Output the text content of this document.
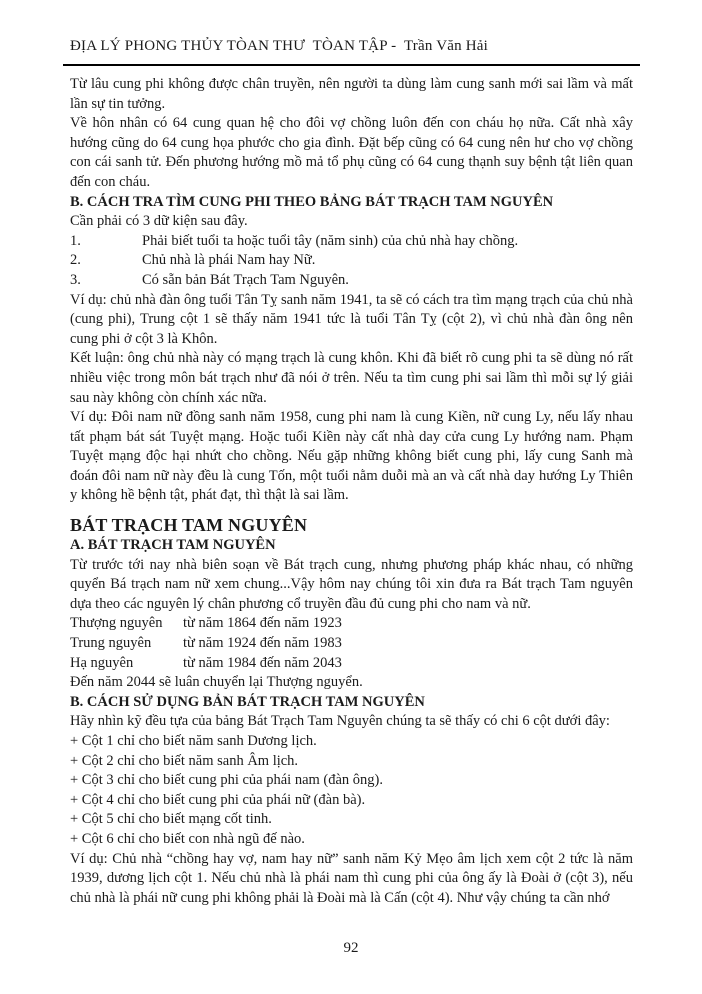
ĐỊA LÝ PHONG THỦY TÒAN THƯ  TÒAN TẬP -  Trần Văn Hải

Từ lâu cung phi không được chân truyền, nên người ta dùng làm cung sanh mới sai lầm và mất lần sự tin tưởng.

Về hôn nhân có 64 cung quan hệ cho đôi vợ chồng luôn đến con cháu họ nữa. Cất nhà xây hướng cũng do 64 cung họa phước cho gia đình. Đặt bếp cũng có 64 cung nên hư cho vợ chồng con cái sanh tử. Đến phương hướng mồ mả tổ phụ cũng có 64 cung thạnh suy bệnh tật liên quan đến con cháu.

B. CÁCH TRA TÌM CUNG PHI THEO BẢNG BÁT TRẠCH TAM NGUYÊN

Cần phải có 3 dữ kiện sau đây.

1.	Phải biết tuổi ta hoặc tuổi tây (năm sinh) của chủ nhà hay chồng.
2.	Chủ nhà là phái Nam hay Nữ.
3.	Có sẵn bản Bát Trạch Tam Nguyên.

Ví dụ: chủ nhà đàn ông tuổi Tân Tỵ sanh năm 1941, ta sẽ có cách tra tìm mạng trạch của chủ nhà (cung phi), Trung cột 1 sẽ thấy năm 1941 tức là tuổi Tân Tỵ (cột 2), vì chủ nhà đàn ông nên cung phi ở cột 3 là Khôn.

Kết luận: ông chủ nhà này có mạng trạch là cung khôn. Khi đã biết rõ cung phi ta sẽ dùng nó rất nhiều việc trong môn bát trạch như đã nói ở trên. Nếu ta tìm cung phi sai lầm thì mỗi sự lý giải sau này không còn chính xác nữa.

Ví dụ: Đôi nam nữ đồng sanh năm 1958, cung phi nam là cung Kiền, nữ cung Ly, nếu lấy nhau tất phạm bát sát Tuyệt mạng. Hoặc tuổi Kiền này cất nhà day cửa cung Ly hướng nam. Phạm Tuyệt mạng độc hại nhứt cho chồng. Nếu gặp những không biết cung phi, lấy cung Sanh mà đoán đôi nam nữ này đều là cung Tốn, một tuổi nằm duỗi mà an và cất nhà day hướng Ly Thiên y không hề bệnh tật, phát đạt, thì thật là sai lầm.

BÁT TRẠCH TAM NGUYÊN

A. BÁT TRẠCH TAM NGUYÊN

Từ trước tới nay nhà biên soạn về Bát trạch cung, nhưng phương pháp khác nhau, có những quyển Bá trạch nam nữ xem chung...Vậy hôm nay chúng tôi xin đưa ra Bát trạch Tam nguyên dựa theo các nguyên lý chân phương cổ truyền đầu đủ cung phi cho nam và nữ.

Thượng nguyên	từ năm 1864 đến năm 1923
Trung nguyên	từ năm 1924 đến năm 1983
Hạ nguyên	từ năm 1984 đến năm 2043

Đến năm 2044 sẽ luân chuyển lại Thượng nguyển.

B. CÁCH SỬ DỤNG BẢN BÁT TRẠCH TAM NGUYÊN

Hãy nhìn kỹ đều tựa của bảng Bát Trạch Tam Nguyên chúng ta sẽ thấy có chi 6 cột dưới đây:

+ Cột 1 chỉ cho biết năm sanh Dương lịch.

+ Cột 2 chỉ cho biết năm sanh Âm lịch.

+ Cột 3 chỉ cho biết cung phi của phái nam (đàn ông).

+ Cột 4 chỉ cho biết cung phi của phái nữ (đàn bà).

+ Cột 5 chỉ cho biết mạng cốt tinh.

+ Cột 6 chỉ cho biết con nhà ngũ đế nào.

Ví dụ: Chủ nhà “chồng hay vợ, nam hay nữ” sanh năm Kỷ Mẹo âm lịch xem cột 2 tức là năm 1939, dương lịch cột 1. Nếu chủ nhà là phái nam thì cung phi của ông ấy là Đoài ở (cột 3), nếu chủ nhà là phái nữ cung phi không phải là Đoài mà là Cấn (cột 4). Như vậy chúng ta cần nhớ

92
